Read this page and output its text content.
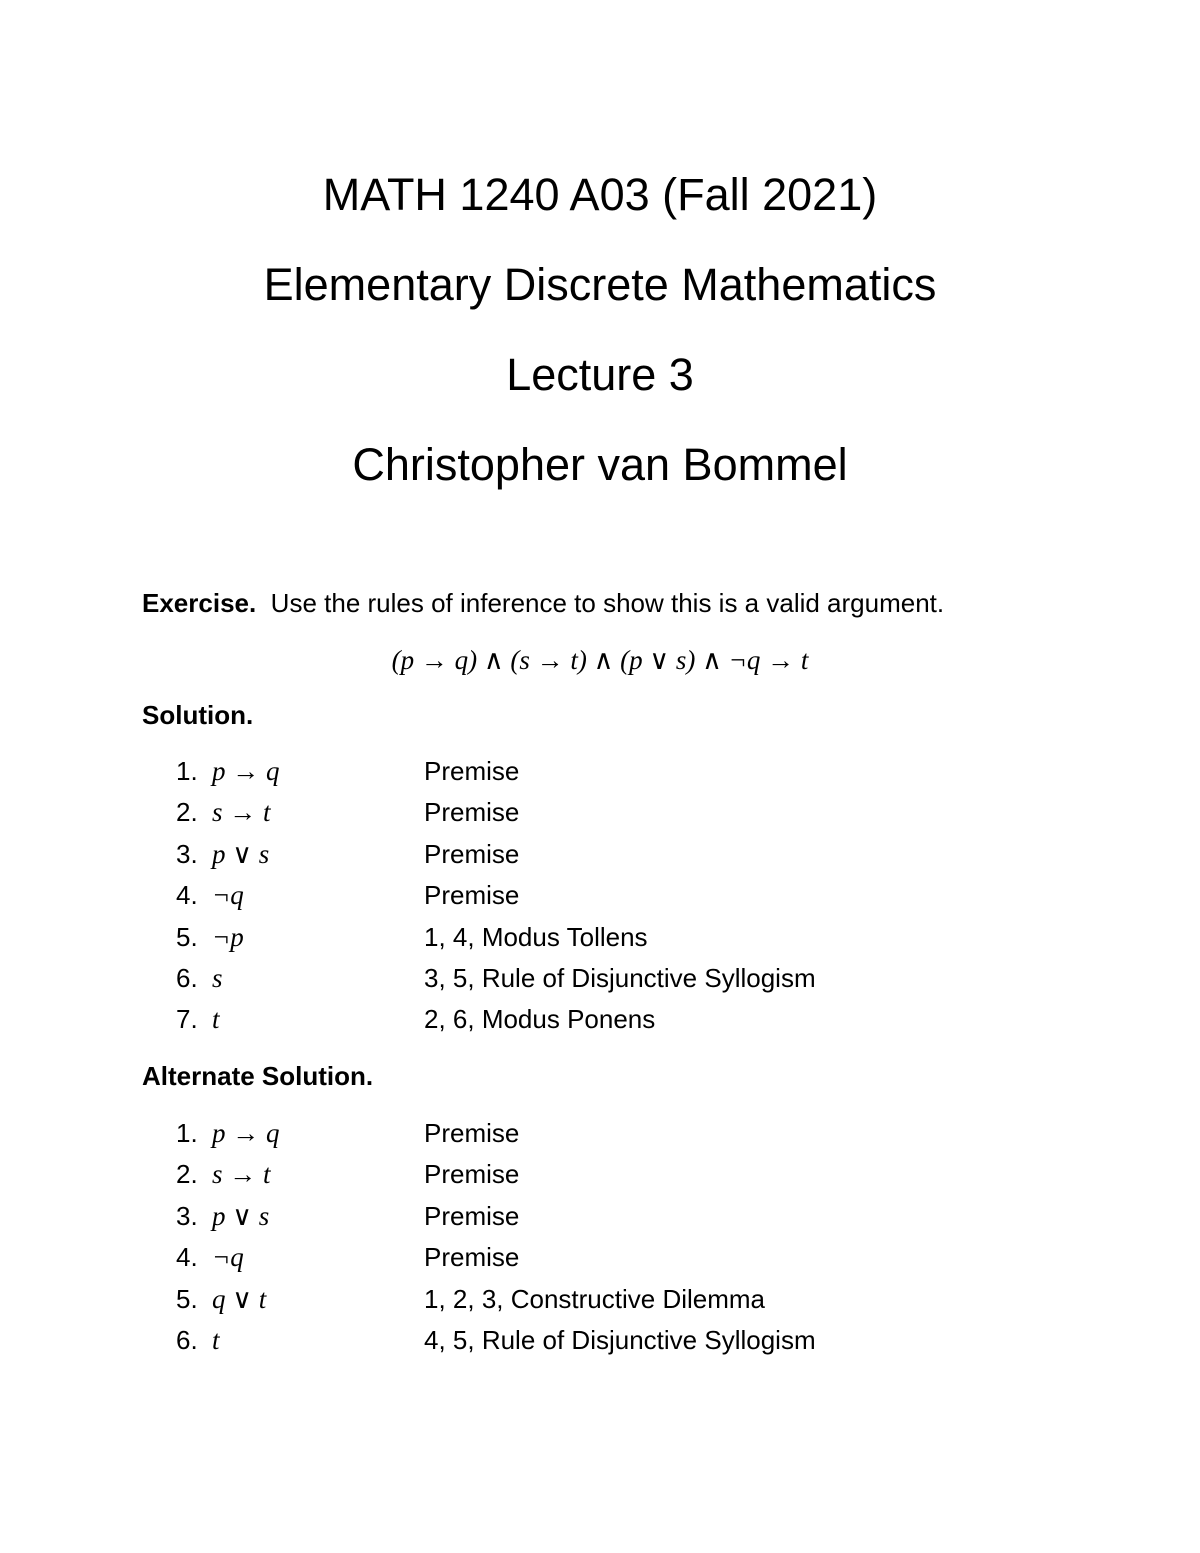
MATH 1240 A03 (Fall 2021)
Elementary Discrete Mathematics
Lecture 3
Christopher van Bommel
Exercise. Use the rules of inference to show this is a valid argument.
(p → q) ∧ (s → t) ∧ (p ∨ s) ∧ ¬q → t
Solution.
1. p → q	Premise
2. s → t	Premise
3. p ∨ s	Premise
4. ¬q	Premise
5. ¬p	1, 4, Modus Tollens
6. s	3, 5, Rule of Disjunctive Syllogism
7. t	2, 6, Modus Ponens
Alternate Solution.
1. p → q	Premise
2. s → t	Premise
3. p ∨ s	Premise
4. ¬q	Premise
5. q ∨ t	1, 2, 3, Constructive Dilemma
6. t	4, 5, Rule of Disjunctive Syllogism
